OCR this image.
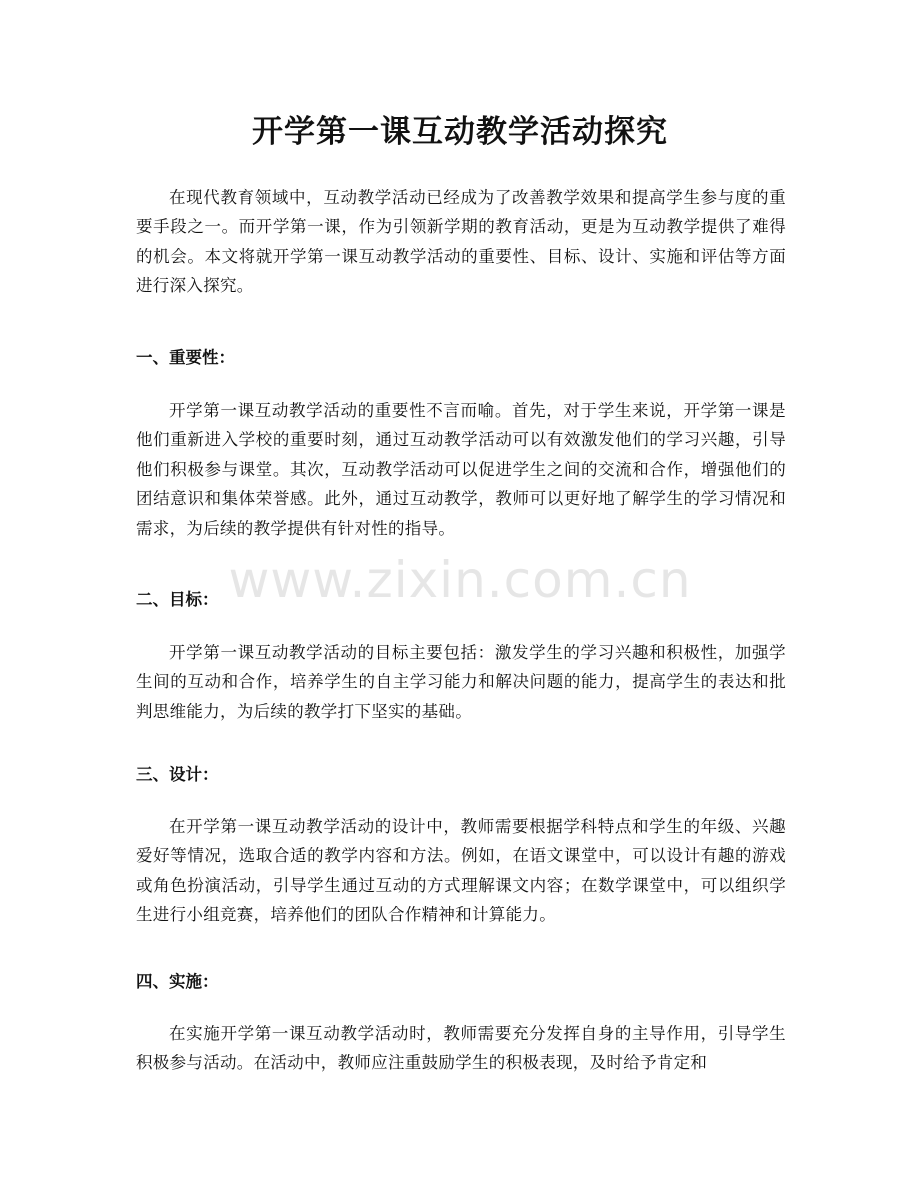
开学第一课互动教学活动探究

在现代教育领域中，互动教学活动已经成为了改善教学效果和提高学生参与度的重要手段之一。而开学第一课，作为引领新学期的教育活动，更是为互动教学提供了难得的机会。本文将就开学第一课互动教学活动的重要性、目标、设计、实施和评估等方面进行深入探究。

一、重要性：

开学第一课互动教学活动的重要性不言而喻。首先，对于学生来说，开学第一课是他们重新进入学校的重要时刻，通过互动教学活动可以有效激发他们的学习兴趣，引导他们积极参与课堂。其次，互动教学活动可以促进学生之间的交流和合作，增强他们的团结意识和集体荣誉感。此外，通过互动教学，教师可以更好地了解学生的学习情况和需求，为后续的教学提供有针对性的指导。

二、目标：

开学第一课互动教学活动的目标主要包括：激发学生的学习兴趣和积极性，加强学生间的互动和合作，培养学生的自主学习能力和解决问题的能力，提高学生的表达和批判思维能力，为后续的教学打下坚实的基础。

三、设计：

在开学第一课互动教学活动的设计中，教师需要根据学科特点和学生的年级、兴趣爱好等情况，选取合适的教学内容和方法。例如，在语文课堂中，可以设计有趣的游戏或角色扮演活动，引导学生通过互动的方式理解课文内容；在数学课堂中，可以组织学生进行小组竞赛，培养他们的团队合作精神和计算能力。

四、实施：

在实施开学第一课互动教学活动时，教师需要充分发挥自身的主导作用，引导学生积极参与活动。在活动中，教师应注重鼓励学生的积极表现，及时给予肯定和

www.zixin.com.cn
